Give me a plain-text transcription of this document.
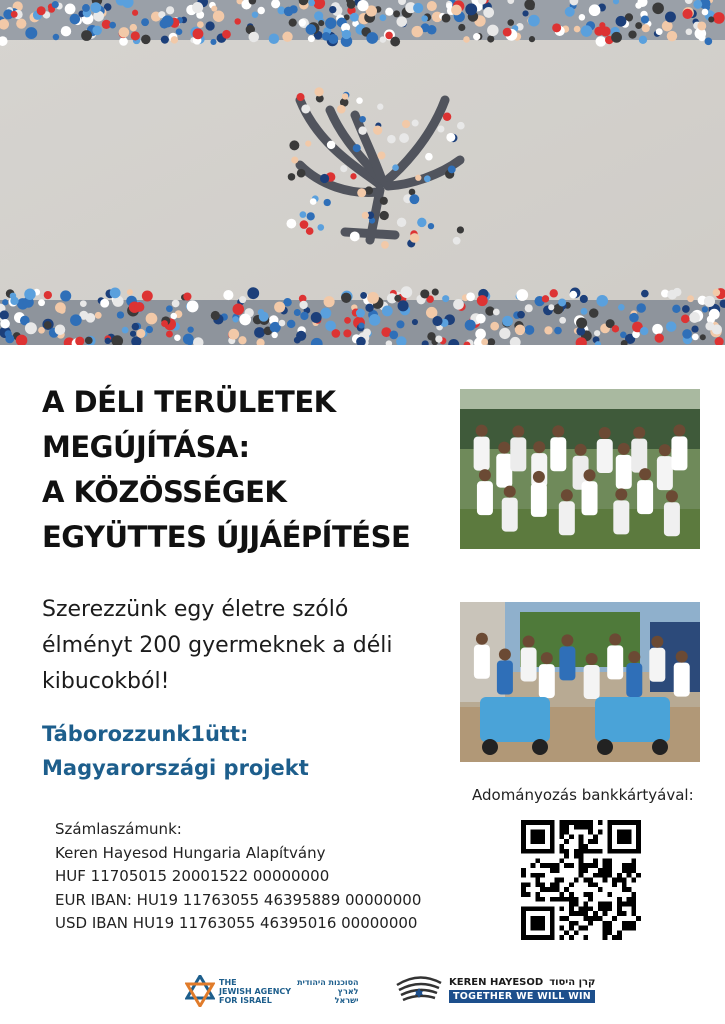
A DÉLI TERÜLETEK
MEGÚJÍTÁSA:
A KÖZÖSSÉGEK
EGYÜTTES ÚJJÁÉPÍTÉSE

Szerezzünk egy életre szóló
élményt 200 gyermeknek a déli
kibucokból!

Táborozzunk1ütt:
Magyarországi projekt

Számlaszámunk:
Keren Hayesod Hungaria Alapítvány
HUF 11705015 20001522 00000000
EUR IBAN: HU19 11763055 46395889 00000000
USD IBAN HU19 11763055 46395016 00000000
Adományozás bankkártyával:
THE
JEWISH AGENCY
FOR ISRAEL
הסוכנות היהודית
לארץ
ישראל
KEREN HAYESOD קרן היסוד
TOGETHER WE WILL WIN
